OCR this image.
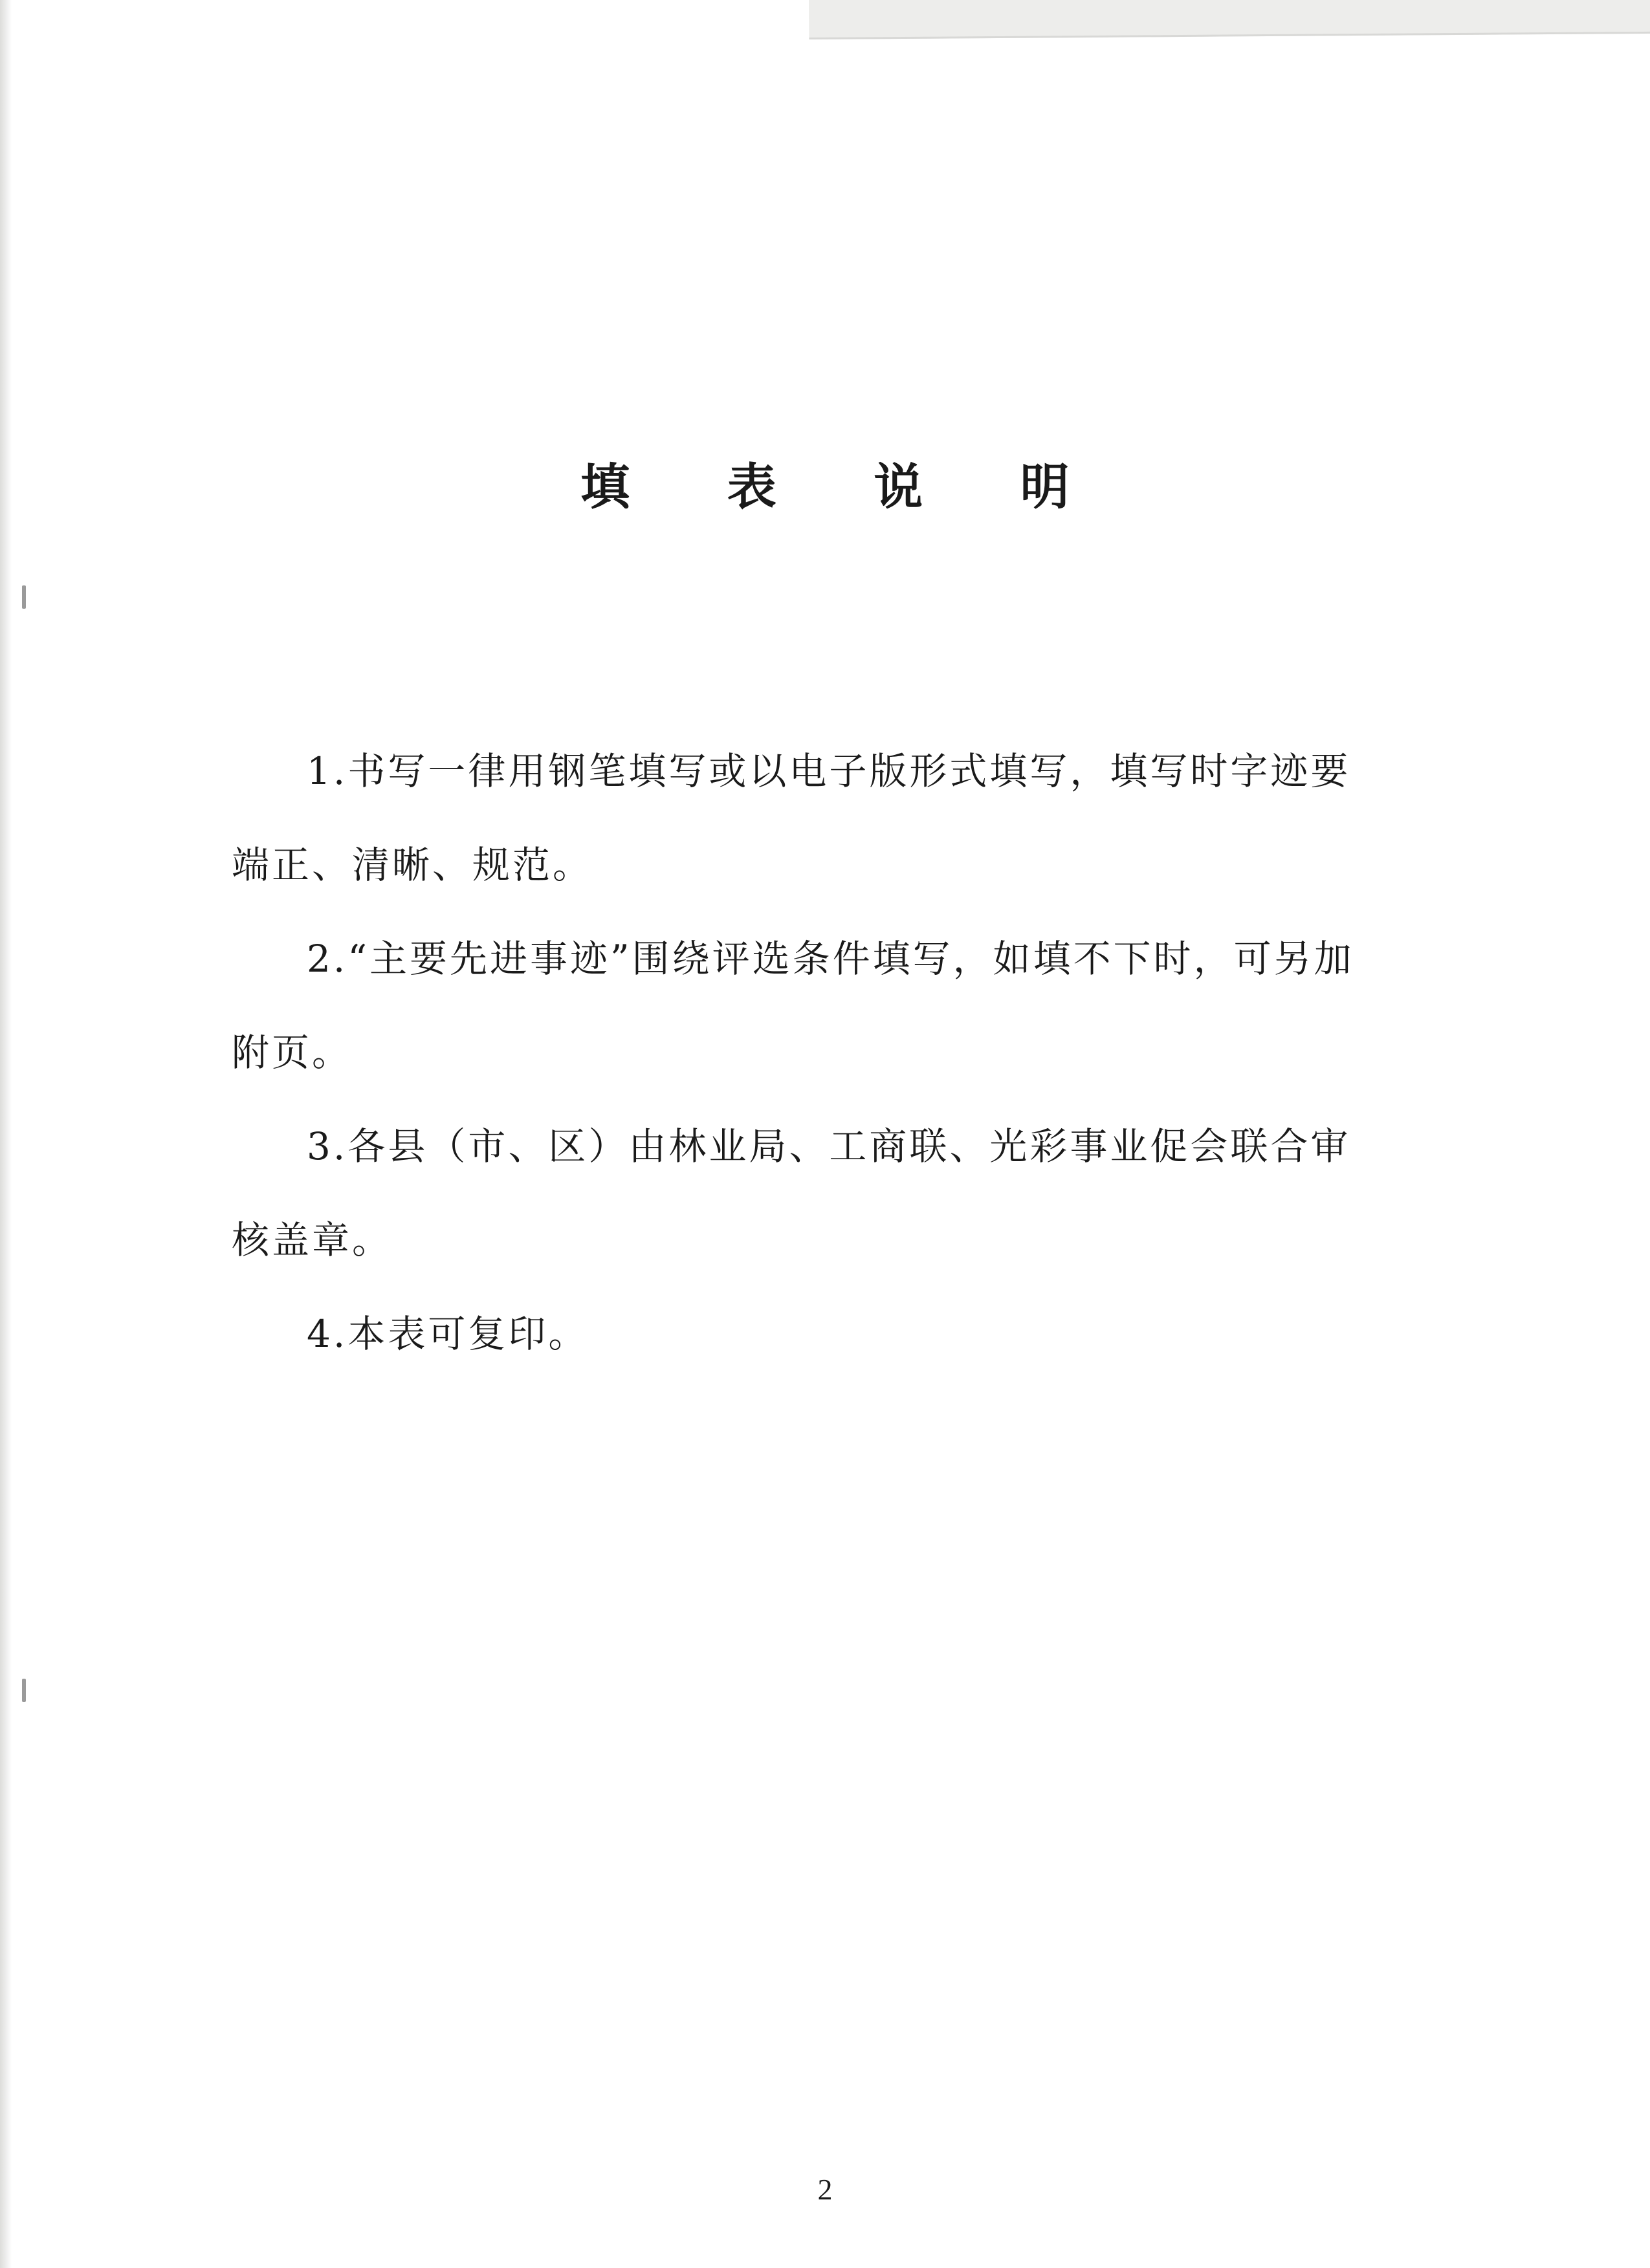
填 表 说 明

1.书写一律用钢笔填写或以电子版形式填写，填写时字迹要端正、清晰、规范。

2.“主要先进事迹”围绕评选条件填写，如填不下时，可另加附页。

3.各县（市、区）由林业局、工商联、光彩事业促会联合审核盖章。

4.本表可复印。

2
